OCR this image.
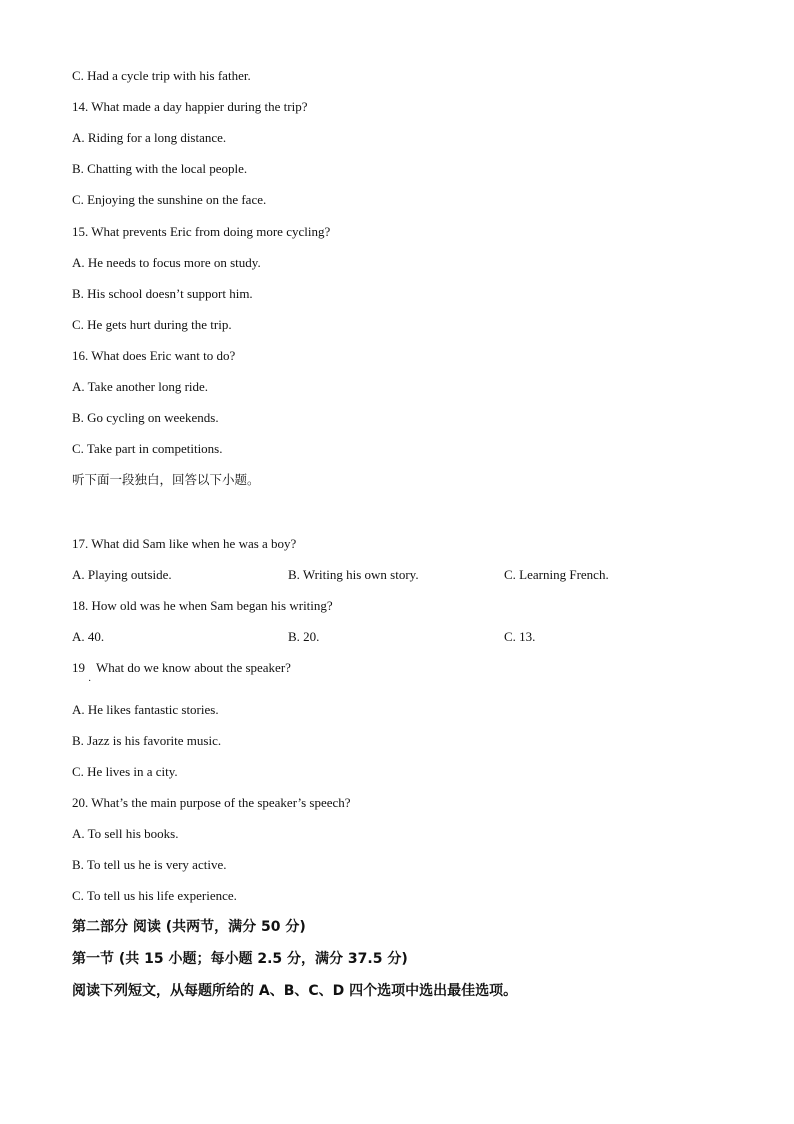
C. Had a cycle trip with his father.
14. What made a day happier during the trip?
A. Riding for a long distance.
B. Chatting with the local people.
C. Enjoying the sunshine on the face.
15. What prevents Eric from doing more cycling?
A. He needs to focus more on study.
B. His school doesn’t support him.
C. He gets hurt during the trip.
16. What does Eric want to do?
A. Take another long ride.
B. Go cycling on weekends.
C. Take part in competitions.
听下面一段独白，回答以下小题。
17. What did Sam like when he was a boy?
A. Playing outside.	B. Writing his own story.	C. Learning French.
18. How old was he when Sam began his writing?
A. 40.	B. 20.	C. 13.
19 What do we know about the speaker?
·
A. He likes fantastic stories.
B. Jazz is his favorite music.
C. He lives in a city.
20. What’s the main purpose of the speaker’s speech?
A. To sell his books.
B. To tell us he is very active.
C. To tell us his life experience.
第二部分 阅读 (共两节，满分 50 分)
第一节 (共 15 小题；每小题 2.5 分，满分 37.5 分)
阅读下列短文，从每题所给的 A、B、C、D 四个选项中选出最佳选项。
